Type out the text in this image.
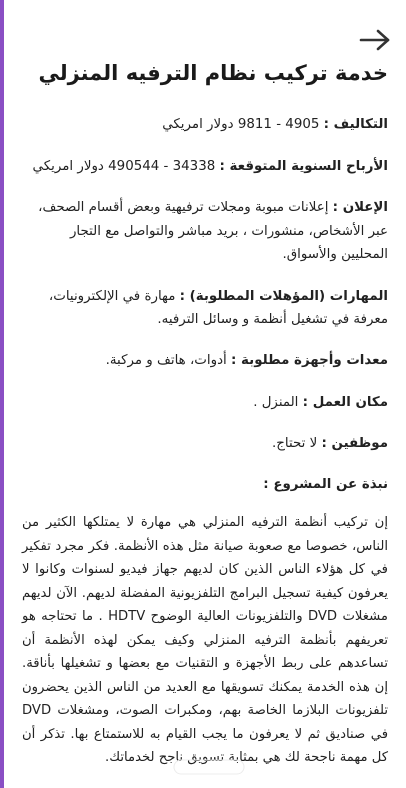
خدمة تركيب نظام الترفيه المنزلي

التكاليف : 4905 - 9811 دولار امريكي

الأرباح السنوية المتوقعة : 34338 - 490544 دولار امريكي

الإعلان : إعلانات مبوبة ومجلات ترفيهية وبعض أقسام الصحف، عبر الأشخاص، منشورات ، بريد مباشر والتواصل مع التجار المحليين والأسواق.

المهارات (المؤهلات المطلوبة) : مهارة في الإلكترونيات، معرفة في تشغيل أنظمة و وسائل الترفيه.

معدات وأجهزة مطلوبة : أدوات، هاتف و مركبة.

مكان العمل : المنزل .

موظفين : لا تحتاج.

نبذة عن المشروع :

إن تركيب أنظمة الترفيه المنزلي هي مهارة لا يمتلكها الكثير من الناس، خصوصا مع صعوبة صيانة مثل هذه الأنظمة. فكر مجرد تفكير في كل هؤلاء الناس الذين كان لديهم جهاز فيديو لسنوات وكانوا لا يعرفون كيفية تسجيل البرامج التلفزيونية المفضلة لديهم. الآن لديهم مشغلات DVD والتلفزيونات العالية الوضوح HDTV . ما تحتاجه هو تعريفهم بأنظمة الترفيه المنزلي وكيف يمكن لهذه الأنظمة أن تساعدهم على ربط الأجهزة و التقنيات مع بعضها و تشغيلها بأناقة. إن هذه الخدمة يمكنك تسويقها مع العديد من الناس الذين يحضرون تلفزيونات البلازما الخاصة بهم، ومكبرات الصوت، ومشغلات DVD في صناديق ثم لا يعرفون ما يجب القيام به للاستمتاع بها. تذكر أن كل مهمة ناجحة لك هي بمثابة تسويق ناجح لخدماتك.
